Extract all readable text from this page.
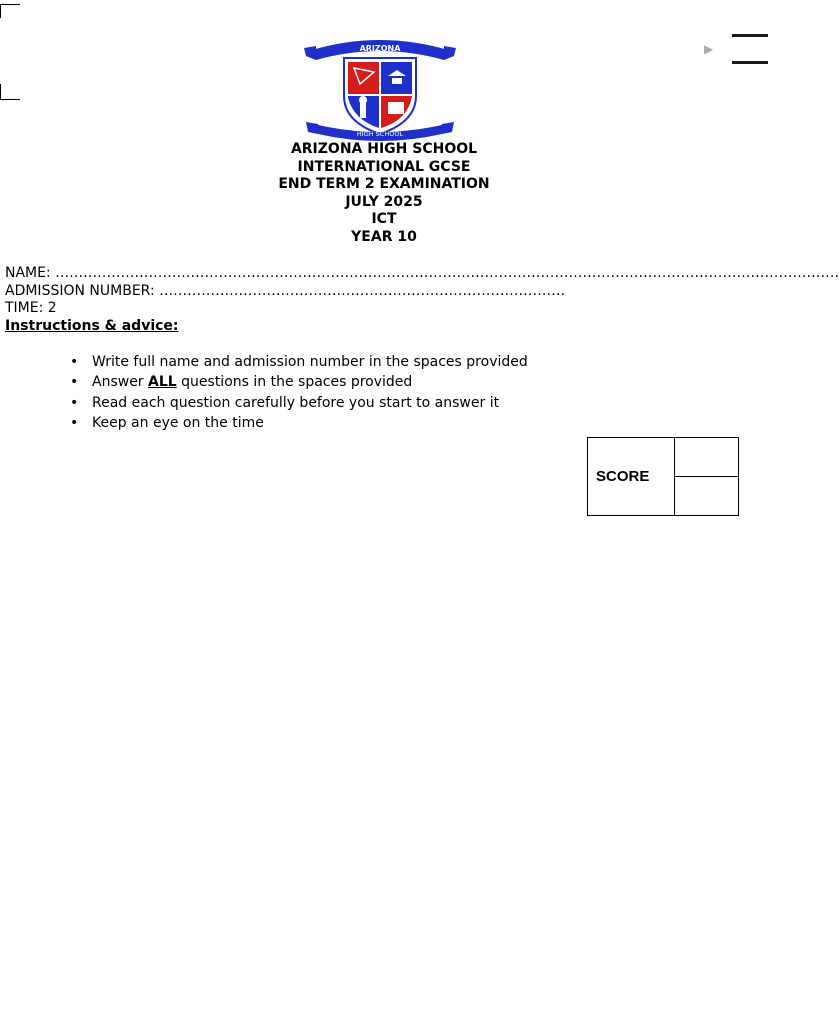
ARIZONA
HIGH SCHOOL
ARIZONA HIGH SCHOOL
INTERNATIONAL GCSE
END TERM 2 EXAMINATION
JULY 2025
ICT
YEAR 10
NAME: ……………………………………………………………………………………………………………………………………………………
ADMISSION NUMBER: ……………………………………………………………………………
TIME: 2
Instructions & advice:
• Write full name and admission number in the spaces provided
• Answer ALL questions in the spaces provided
• Read each question carefully before you start to answer it
• Keep an eye on the time
SCORE	

▶
